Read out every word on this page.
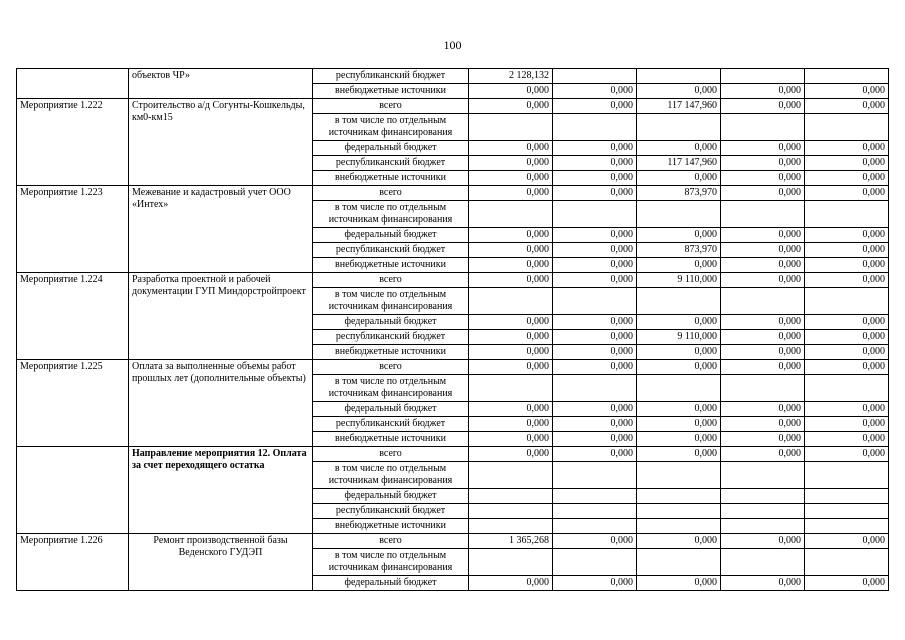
100
	объектов ЧР»	республиканский бюджет	2 128,132				
		внебюджетные источники	0,000	0,000	0,000	0,000	0,000
Мероприятие 1.222	Строительство а/д Согунты-Кошкельды, км0-км15	всего	0,000	0,000	117 147,960	0,000	0,000
		в том числе по отдельным источникам финансирования					
		федеральный бюджет	0,000	0,000	0,000	0,000	0,000
		республиканский бюджет	0,000	0,000	117 147,960	0,000	0,000
		внебюджетные источники	0,000	0,000	0,000	0,000	0,000
Мероприятие 1.223	Межевание и кадастровый учет ООО «Интех»	всего	0,000	0,000	873,970	0,000	0,000
		в том числе по отдельным источникам финансирования					
		федеральный бюджет	0,000	0,000	0,000	0,000	0,000
		республиканский бюджет	0,000	0,000	873,970	0,000	0,000
		внебюджетные источники	0,000	0,000	0,000	0,000	0,000
Мероприятие 1.224	Разработка проектной и рабочей документации ГУП Миндорстройпроект	всего	0,000	0,000	9 110,000	0,000	0,000
		в том числе по отдельным источникам финансирования					
		федеральный бюджет	0,000	0,000	0,000	0,000	0,000
		республиканский бюджет	0,000	0,000	9 110,000	0,000	0,000
		внебюджетные источники	0,000	0,000	0,000	0,000	0,000
Мероприятие 1.225	Оплата за выполненные объемы работ прошлых лет (дополнительные объекты)	всего	0,000	0,000	0,000	0,000	0,000
		в том числе по отдельным источникам финансирования					
		федеральный бюджет	0,000	0,000	0,000	0,000	0,000
		республиканский бюджет	0,000	0,000	0,000	0,000	0,000
		внебюджетные источники	0,000	0,000	0,000	0,000	0,000
	Направление мероприятия 12. Оплата за счет переходящего остатка	всего	0,000	0,000	0,000	0,000	0,000
		в том числе по отдельным источникам финансирования					
		федеральный бюджет					
		республиканский бюджет					
		внебюджетные источники					
Мероприятие 1.226	Ремонт производственной базы Веденского ГУДЭП	всего	1 365,268	0,000	0,000	0,000	0,000
		в том числе по отдельным источникам финансирования					
		федеральный бюджет	0,000	0,000	0,000	0,000	0,000
